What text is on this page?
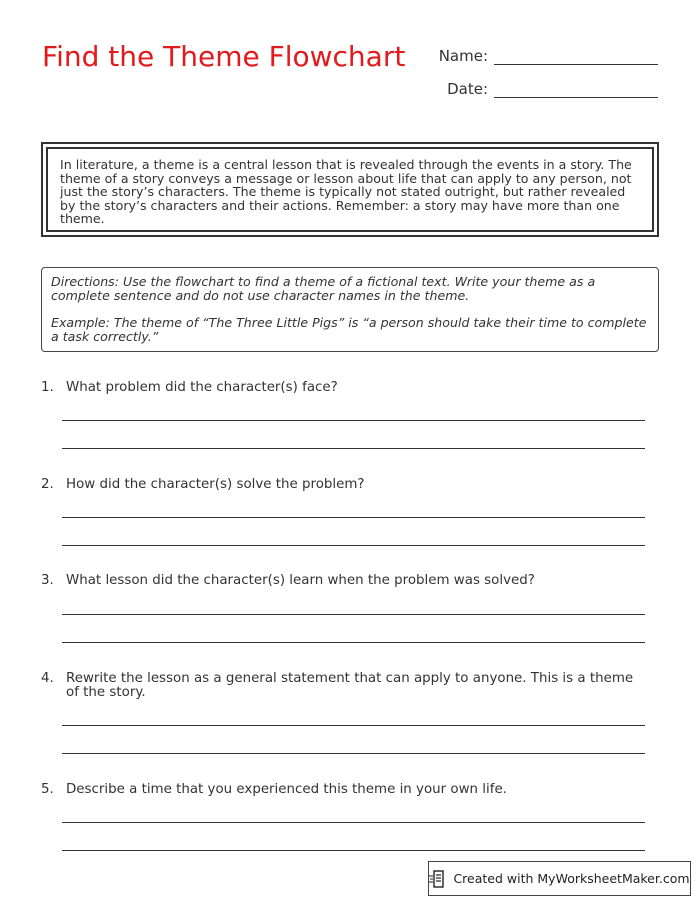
Find the Theme Flowchart	Name:
Date:
In literature, a theme is a central lesson that is revealed through the events in a story. The theme of a story conveys a message or lesson about life that can apply to any person, not just the story’s characters. The theme is typically not stated outright, but rather revealed by the story’s characters and their actions. Remember: a story may have more than one theme.

Directions: Use the flowchart to find a theme of a fictional text. Write your theme as a complete sentence and do not use character names in the theme.

Example: The theme of “The Three Little Pigs” is “a person should take their time to complete a task correctly.”

1. What problem did the character(s) face?
2. How did the character(s) solve the problem?
3. What lesson did the character(s) learn when the problem was solved?
4. Rewrite the lesson as a general statement that can apply to anyone. This is a theme of the story.
5. Describe a time that you experienced this theme in your own life.
Created with MyWorksheetMaker.com
